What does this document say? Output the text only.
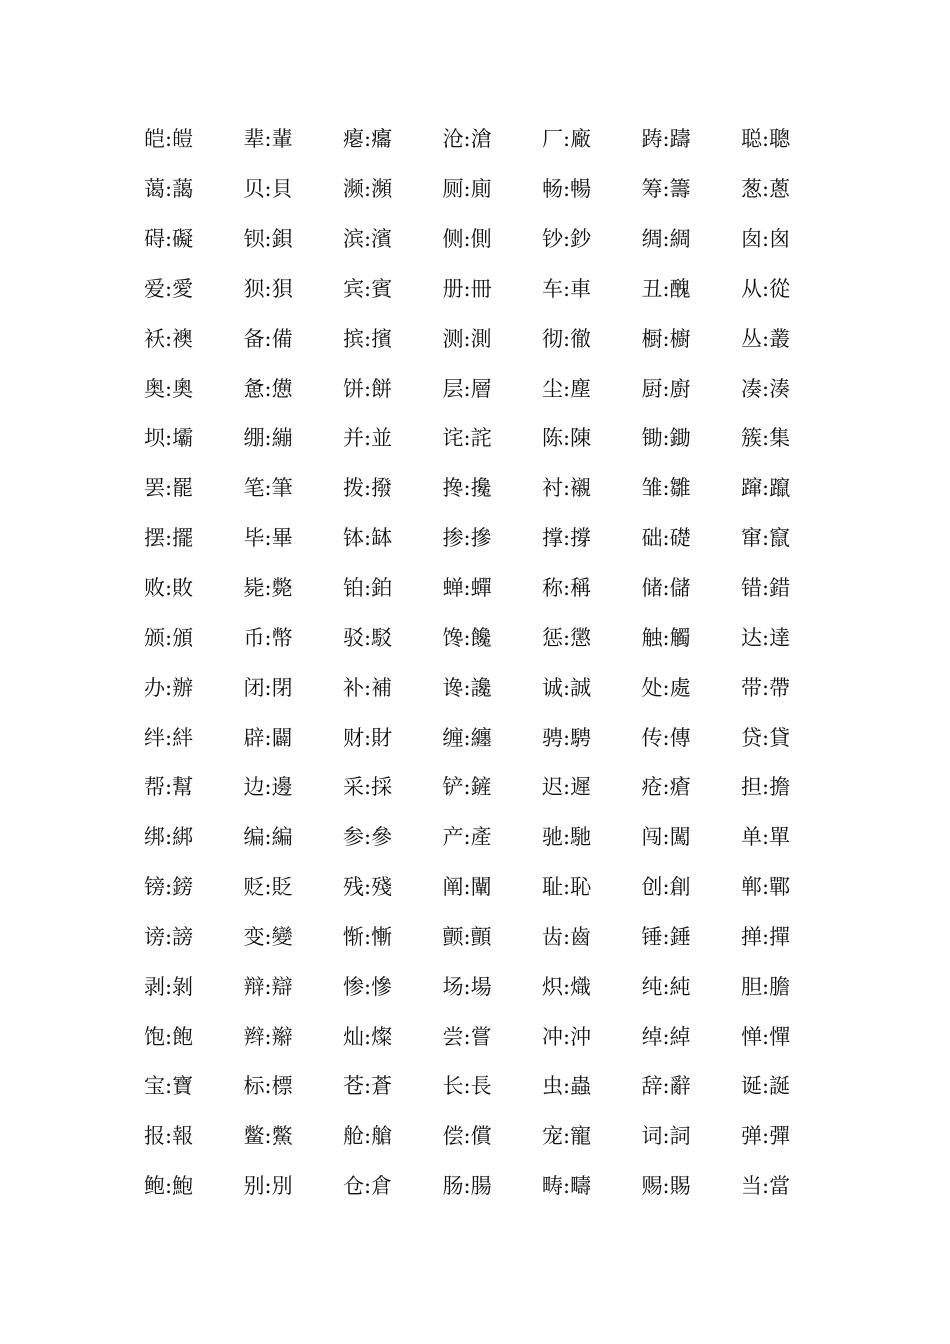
皑:皚	辈:輩	瘪:癟	沧:滄	厂:廠	踌:躊	聪:聰
蔼:藹	贝:貝	濒:瀕	厕:廁	畅:暢	筹:籌	葱:蔥
碍:礙	钡:鋇	滨:濱	侧:側	钞:鈔	绸:綢	囱:囪
爱:愛	狈:狽	宾:賓	册:冊	车:車	丑:醜	从:從
袄:襖	备:備	摈:擯	测:測	彻:徹	橱:櫥	丛:叢
奥:奧	惫:憊	饼:餅	层:層	尘:塵	厨:廚	凑:湊
坝:壩	绷:繃	并:並	诧:詫	陈:陳	锄:鋤	簇:集
罢:罷	笔:筆	拨:撥	搀:攙	衬:襯	雏:雛	蹿:躥
摆:擺	毕:畢	钵:缽	掺:摻	撑:撐	础:礎	窜:竄
败:敗	毙:斃	铂:鉑	蝉:蟬	称:稱	储:儲	错:錯
颁:頒	币:幣	驳:駁	馋:饞	惩:懲	触:觸	达:達
办:辦	闭:閉	补:補	谗:讒	诚:誠	处:處	带:帶
绊:絆	辟:闢	财:財	缠:纏	骋:騁	传:傳	贷:貸
帮:幫	边:邊	采:採	铲:鏟	迟:遲	疮:瘡	担:擔
绑:綁	编:編	参:參	产:產	驰:馳	闯:闖	单:單
镑:鎊	贬:貶	残:殘	阐:闡	耻:恥	创:創	郸:鄲
谤:謗	变:變	惭:慚	颤:顫	齿:齒	锤:錘	掸:撣
剥:剝	辩:辯	惨:慘	场:場	炽:熾	纯:純	胆:膽
饱:飽	辫:辮	灿:燦	尝:嘗	冲:沖	绰:綽	惮:憚
宝:寶	标:標	苍:蒼	长:長	虫:蟲	辞:辭	诞:誕
报:報	鳖:鱉	舱:艙	偿:償	宠:寵	词:詞	弹:彈
鲍:鮑	别:別	仓:倉	肠:腸	畴:疇	赐:賜	当:當
